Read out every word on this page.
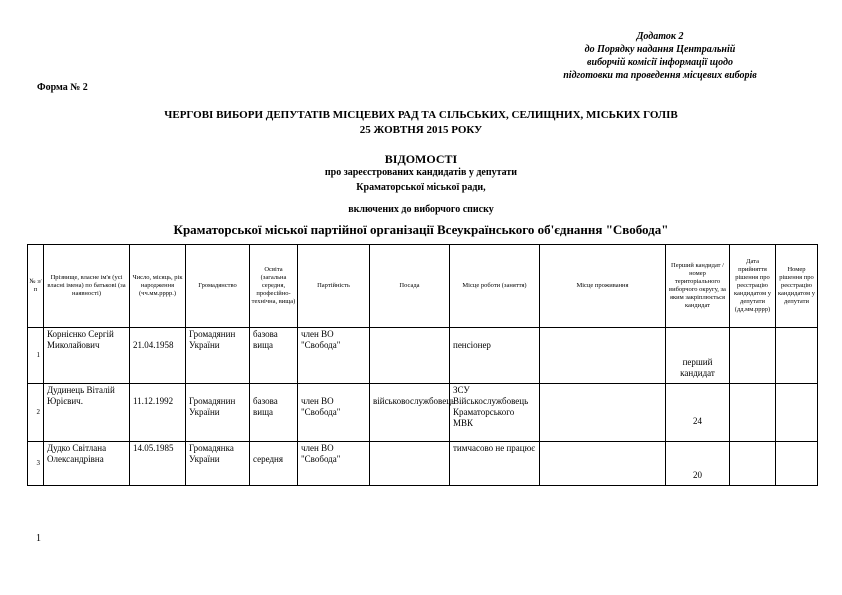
Додаток 2
до Порядку надання Центральній
виборчій комісії інформації щодо
підготовки та проведення місцевих виборів
Форма № 2
ЧЕРГОВІ ВИБОРИ ДЕПУТАТІВ МІСЦЕВИХ РАД ТА СІЛЬСЬКИХ, СЕЛИЩНИХ, МІСЬКИХ ГОЛІВ
25 ЖОВТНЯ 2015 РОКУ
ВІДОМОСТІ
про зареєстрованих кандидатів у депутати
Краматорської міської ради,
включених до виборчого списку
Краматорської міської партійної організації Всеукраїнського об'єднання "Свобода"
№ з/п	Прізвище, власне ім'я (усі власні імена) по батькові (за наявності)	Число, місяць, рік народження (чч.мм.рррр.)	Громадянство	Освіта (загальна середня, професійно-технічна, вища)	Партійність	Посада	Місце роботи (заняття)	Місце проживання	Перший кандидат / номер територіального виборчого округу, за яким закріплюється кандидат	Дата прийняття рішення про реєстрацію кандидатом у депутати (дд.мм.рррр)	Номер рішення про реєстрацію кандидатом у депутати
1	Корнієнко Сергій Миколайович	21.04.1958	Громадянин України	базова вища	член ВО "Свобода"		пенсіонер		перший кандидат		
2	Дудинець Віталій Юрієвич.	11.12.1992	Громадянин України	базова вища	член ВО "Свобода"	військовослужбовець	ЗСУ Військослужбовець Краматорського МВК		24		
3	Дудко Світлана Олександрівна	14.05.1985	Громадянка України	середня	член ВО "Свобода"		тимчасово не працює		20		
1
